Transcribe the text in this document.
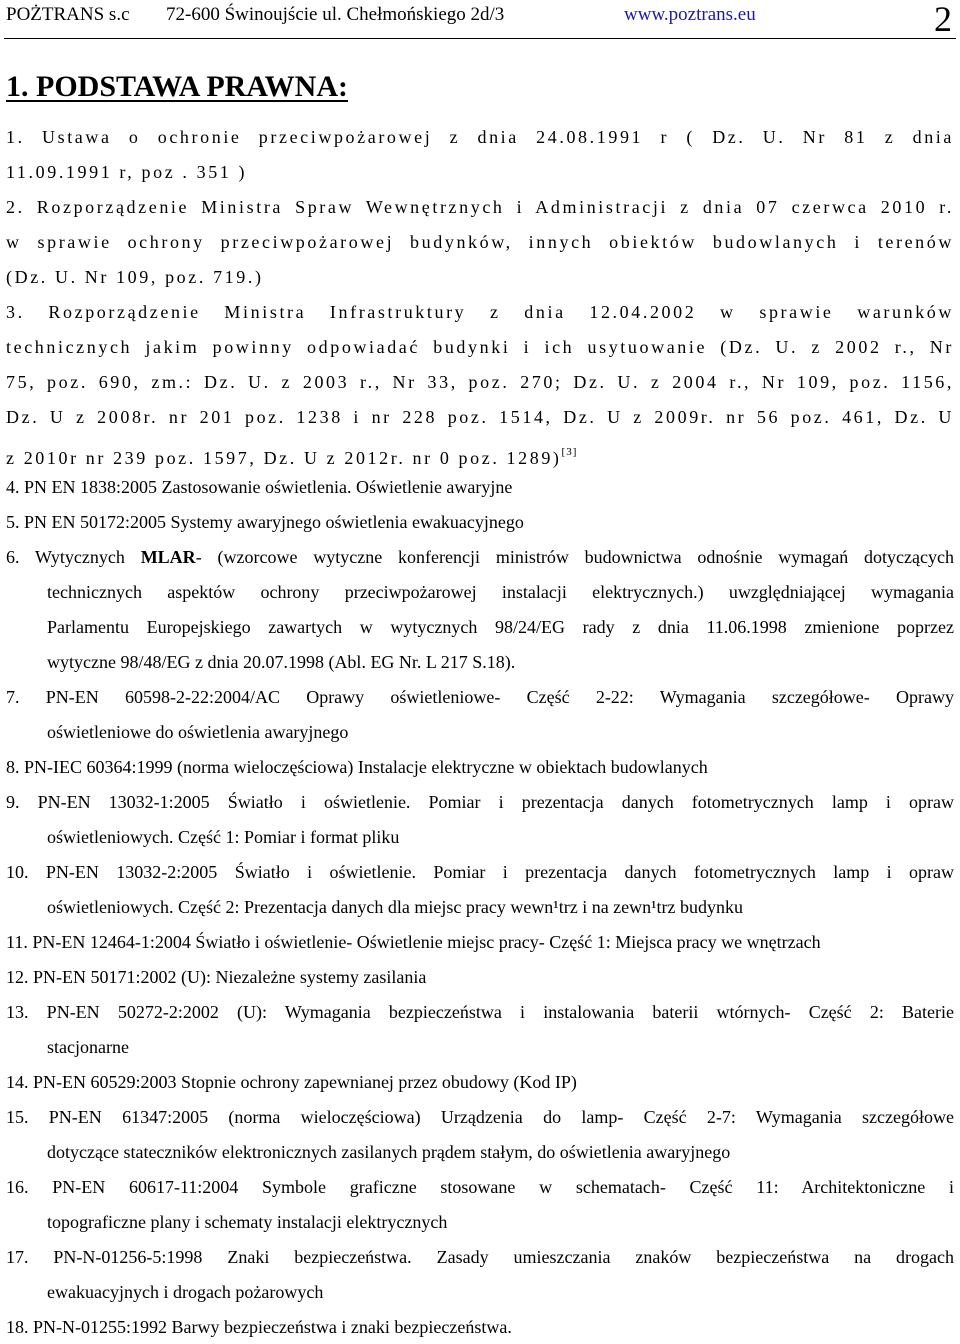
POŻTRANS s.c 72-600 Świnoujście ul. Chełmońskiego 2d/3	www.poztrans.eu	2
1. PODSTAWA PRAWNA:
1. Ustawa o ochronie przeciwpożarowej z dnia 24.08.1991 r ( Dz. U. Nr 81 z dnia
11.09.1991 r, poz . 351 )
2. Rozporządzenie Ministra Spraw Wewnętrznych i Administracji z dnia 07 czerwca 2010 r.
w sprawie ochrony przeciwpożarowej budynków, innych obiektów budowlanych i terenów
(Dz. U. Nr 109, poz. 719.)
3. Rozporządzenie Ministra Infrastruktury z dnia 12.04.2002 w sprawie warunków
technicznych jakim powinny odpowiadać budynki i ich usytuowanie (Dz. U. z 2002 r., Nr
75, poz. 690, zm.: Dz. U. z 2003 r., Nr 33, poz. 270; Dz. U. z 2004 r., Nr 109, poz. 1156,
Dz. U z 2008r. nr 201 poz. 1238 i nr 228 poz. 1514, Dz. U z 2009r. nr 56 poz. 461, Dz. U
z 2010r nr 239 poz. 1597, Dz. U z 2012r. nr 0 poz. 1289)[3]
4. PN EN 1838:2005 Zastosowanie oświetlenia. Oświetlenie awaryjne
5. PN EN 50172:2005 Systemy awaryjnego oświetlenia ewakuacyjnego
6. Wytycznych MLAR- (wzorcowe wytyczne konferencji ministrów budownictwa odnośnie wymagań dotyczących
technicznych aspektów ochrony przeciwpożarowej instalacji elektrycznych.) uwzględniającej wymagania
Parlamentu Europejskiego zawartych w wytycznych 98/24/EG rady z dnia 11.06.1998 zmienione poprzez
wytyczne 98/48/EG z dnia 20.07.1998 (Abl. EG Nr. L 217 S.18).
7. PN-EN 60598-2-22:2004/AC Oprawy oświetleniowe- Część 2-22: Wymagania szczegółowe- Oprawy
oświetleniowe do oświetlenia awaryjnego
8. PN-IEC 60364:1999 (norma wieloczęściowa) Instalacje elektryczne w obiektach budowlanych
9. PN-EN 13032-1:2005 Światło i oświetlenie. Pomiar i prezentacja danych fotometrycznych lamp i opraw
oświetleniowych. Część 1: Pomiar i format pliku
10. PN-EN 13032-2:2005 Światło i oświetlenie. Pomiar i prezentacja danych fotometrycznych lamp i opraw
oświetleniowych. Część 2: Prezentacja danych dla miejsc pracy wewn¹trz i na zewn¹trz budynku
11. PN-EN 12464-1:2004 Światło i oświetlenie- Oświetlenie miejsc pracy- Część 1: Miejsca pracy we wnętrzach
12. PN-EN 50171:2002 (U): Niezależne systemy zasilania
13. PN-EN 50272-2:2002 (U): Wymagania bezpieczeństwa i instalowania baterii wtórnych- Część 2: Baterie
stacjonarne
14. PN-EN 60529:2003 Stopnie ochrony zapewnianej przez obudowy (Kod IP)
15. PN-EN 61347:2005 (norma wieloczęściowa) Urządzenia do lamp- Część 2-7: Wymagania szczegółowe
dotyczące stateczników elektronicznych zasilanych prądem stałym, do oświetlenia awaryjnego
16. PN-EN 60617-11:2004 Symbole graficzne stosowane w schematach- Część 11: Architektoniczne i
topograficzne plany i schematy instalacji elektrycznych
17. PN-N-01256-5:1998 Znaki bezpieczeństwa. Zasady umieszczania znaków bezpieczeństwa na drogach
ewakuacyjnych i drogach pożarowych
18. PN-N-01255:1992 Barwy bezpieczeństwa i znaki bezpieczeństwa.
